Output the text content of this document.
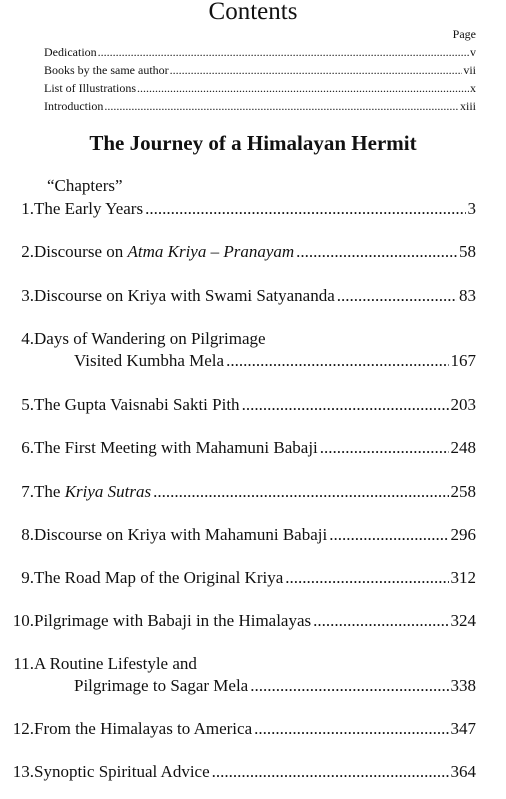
Contents
Page
Dedication .....	v
Books by the same author .....	vii
List of Illustrations .....	x
Introduction .....	xiii
The Journey of a Himalayan Hermit
“Chapters”
1. The Early Years .....	3
2. Discourse on Atma Kriya – Pranayam .....	58
3. Discourse on Kriya with Swami Satyananda .....	83
4. Days of Wandering on Pilgrimage
Visited Kumbha Mela .....	167
5. The Gupta Vaisnabi Sakti Pith .....	203
6. The First Meeting with Mahamuni Babaji .....	248
7. The Kriya Sutras .....	258
8. Discourse on Kriya with Mahamuni Babaji .....	296
9. The Road Map of the Original Kriya .....	312
10. Pilgrimage with Babaji in the Himalayas .....	324
11. A Routine Lifestyle and
Pilgrimage to Sagar Mela .....	338
12. From the Himalayas to America .....	347
13. Synoptic Spiritual Advice .....	364
